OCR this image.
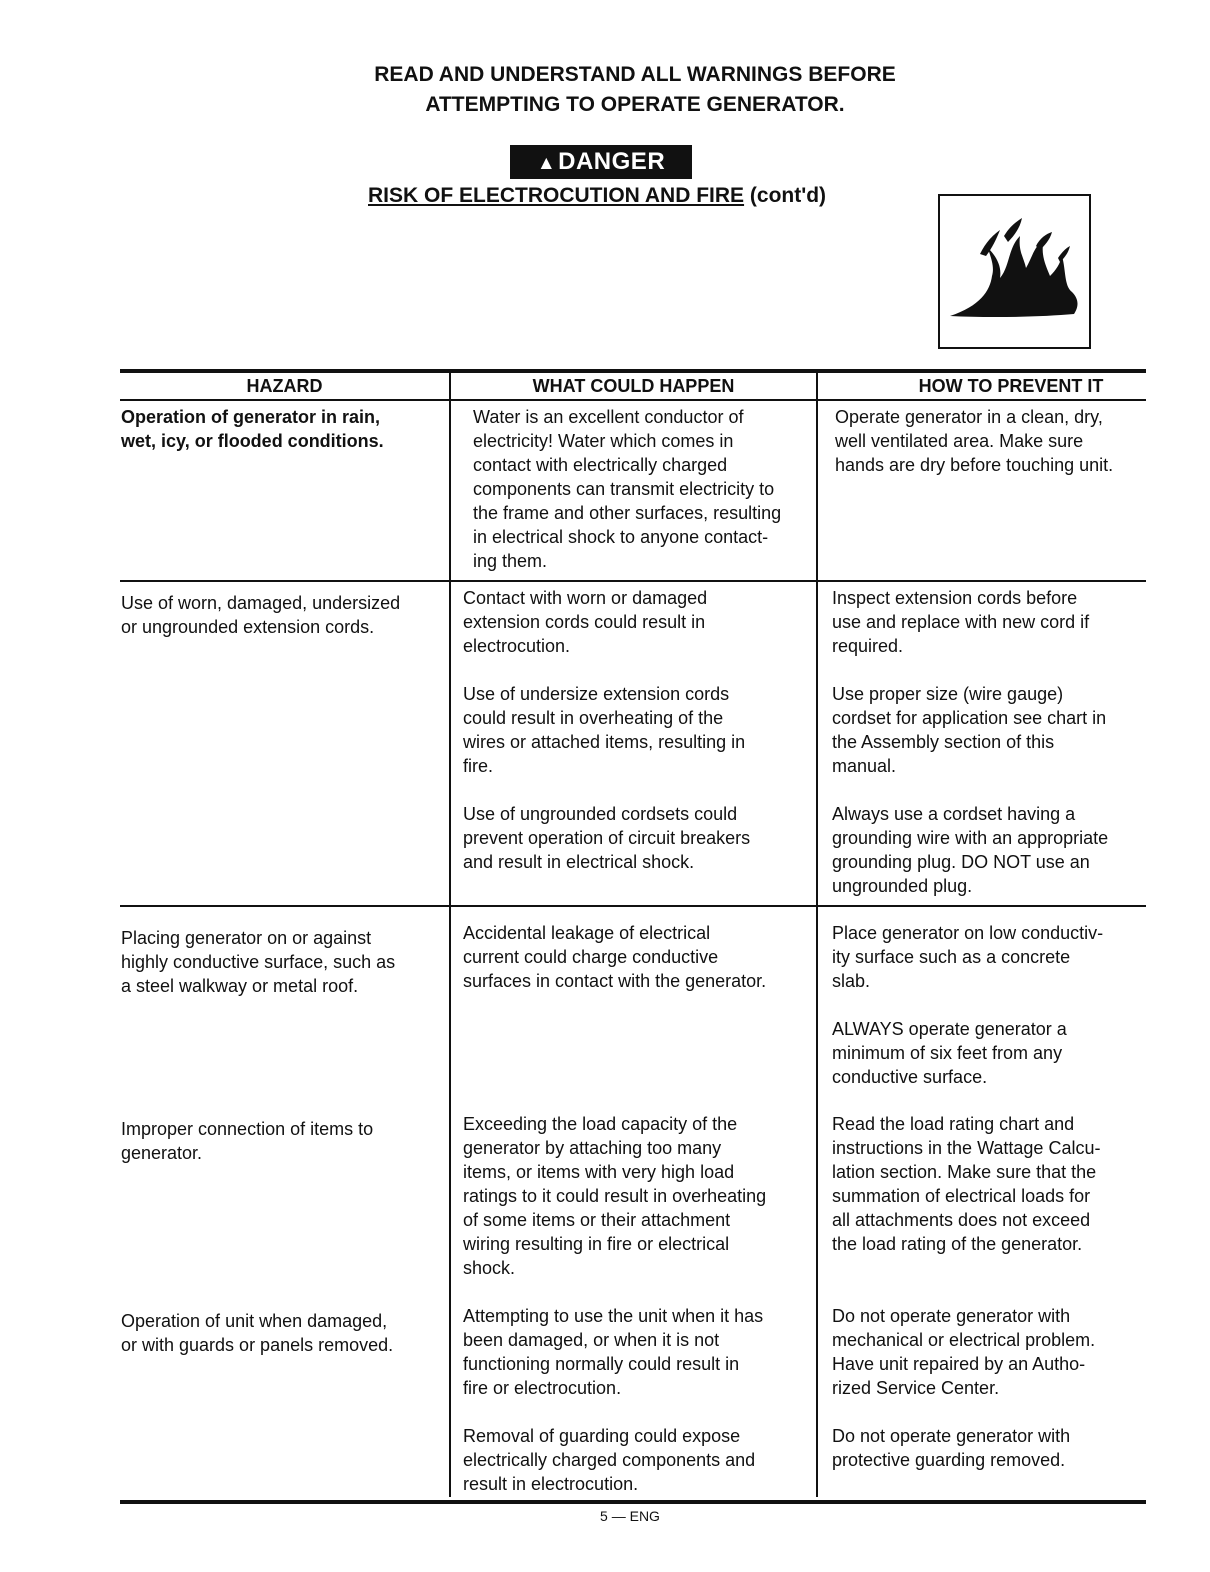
READ AND UNDERSTAND ALL WARNINGS BEFORE
ATTEMPTING TO OPERATE GENERATOR.
▲DANGER
RISK OF ELECTROCUTION AND FIRE (cont'd)
HAZARD	WHAT COULD HAPPEN	HOW TO PREVENT IT
Operation of generator in rain,
wet, icy, or flooded conditions.
Water is an excellent conductor of
electricity! Water which comes in
contact with electrically charged
components can transmit electricity to
the frame and other surfaces, resulting
in electrical shock to anyone contact-
ing them.
Operate generator in a clean, dry,
well ventilated area. Make sure
hands are dry before touching unit.
Use of worn, damaged, undersized
or ungrounded extension cords.
Contact with worn or damaged
extension cords could result in
electrocution.
Use of undersize extension cords
could result in overheating of the
wires or attached items, resulting in
fire.
Use of ungrounded cordsets could
prevent operation of circuit breakers
and result in electrical shock.
Inspect extension cords before
use and replace with new cord if
required.
Use proper size (wire gauge)
cordset for application see chart in
the Assembly section of this
manual.
Always use a cordset having a
grounding wire with an appropriate
grounding plug. DO NOT use an
ungrounded plug.
Placing generator on or against
highly conductive surface, such as
a steel walkway or metal roof.
Accidental leakage of electrical
current could charge conductive
surfaces in contact with the generator.
Place generator on low conductiv-
ity surface such as a concrete
slab.
ALWAYS operate generator a
minimum of six feet from any
conductive surface.
Improper connection of items to
generator.
Exceeding the load capacity of the
generator by attaching too many
items, or items with very high load
ratings to it could result in overheating
of some items or their attachment
wiring resulting in fire or electrical
shock.
Read the load rating chart and
instructions in the Wattage Calcu-
lation section. Make sure that the
summation of electrical loads for
all attachments does not exceed
the load rating of the generator.
Operation of unit when damaged,
or with guards or panels removed.
Attempting to use the unit when it has
been damaged, or when it is not
functioning normally could result in
fire or electrocution.
Removal of guarding could expose
electrically charged components and
result in electrocution.
Do not operate generator with
mechanical or electrical problem.
Have unit repaired by an Autho-
rized Service Center.
Do not operate generator with
protective guarding removed.
5 — ENG
